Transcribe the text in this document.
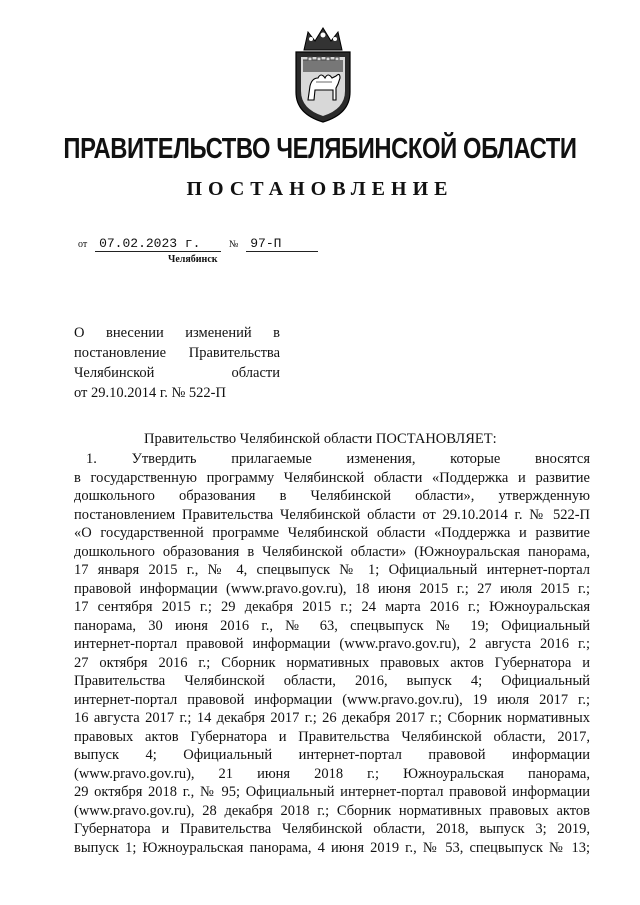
ПРАВИТЕЛЬСТВО ЧЕЛЯБИНСКОЙ ОБЛАСТИ
ПОСТАНОВЛЕНИЕ
от 07.02.2023 г.	№ 97-П
Челябинск
О внесении изменений в
постановление Правительства
Челябинской области
от 29.10.2014 г. № 522-П
Правительство Челябинской области ПОСТАНОВЛЯЕТ:
1. Утвердить прилагаемые изменения, которые вносятся
в государственную программу Челябинской области «Поддержка и развитие
дошкольного образования в Челябинской области», утвержденную
постановлением Правительства Челябинской области от 29.10.2014 г. № 522-П
«О государственной программе Челябинской области «Поддержка и развитие
дошкольного образования в Челябинской области» (Южноуральская панорама,
17 января 2015 г., № 4, спецвыпуск № 1; Официальный интернет-портал
правовой информации (www.pravo.gov.ru), 18 июня 2015 г.; 27 июля 2015 г.;
17 сентября 2015 г.; 29 декабря 2015 г.; 24 марта 2016 г.; Южноуральская
панорама, 30 июня 2016 г., № 63, спецвыпуск № 19; Официальный
интернет-портал правовой информации (www.pravo.gov.ru), 2 августа 2016 г.;
27 октября 2016 г.; Сборник нормативных правовых актов Губернатора и
Правительства Челябинской области, 2016, выпуск 4; Официальный
интернет-портал правовой информации (www.pravo.gov.ru), 19 июля 2017 г.;
16 августа 2017 г.; 14 декабря 2017 г.; 26 декабря 2017 г.; Сборник нормативных
правовых актов Губернатора и Правительства Челябинской области, 2017,
выпуск 4; Официальный интернет-портал правовой информации
(www.pravo.gov.ru), 21 июня 2018 г.; Южноуральская панорама,
29 октября 2018 г., № 95; Официальный интернет-портал правовой информации
(www.pravo.gov.ru), 28 декабря 2018 г.; Сборник нормативных правовых актов
Губернатора и Правительства Челябинской области, 2018, выпуск 3; 2019,
выпуск 1; Южноуральская панорама, 4 июня 2019 г., № 53, спецвыпуск № 13;
